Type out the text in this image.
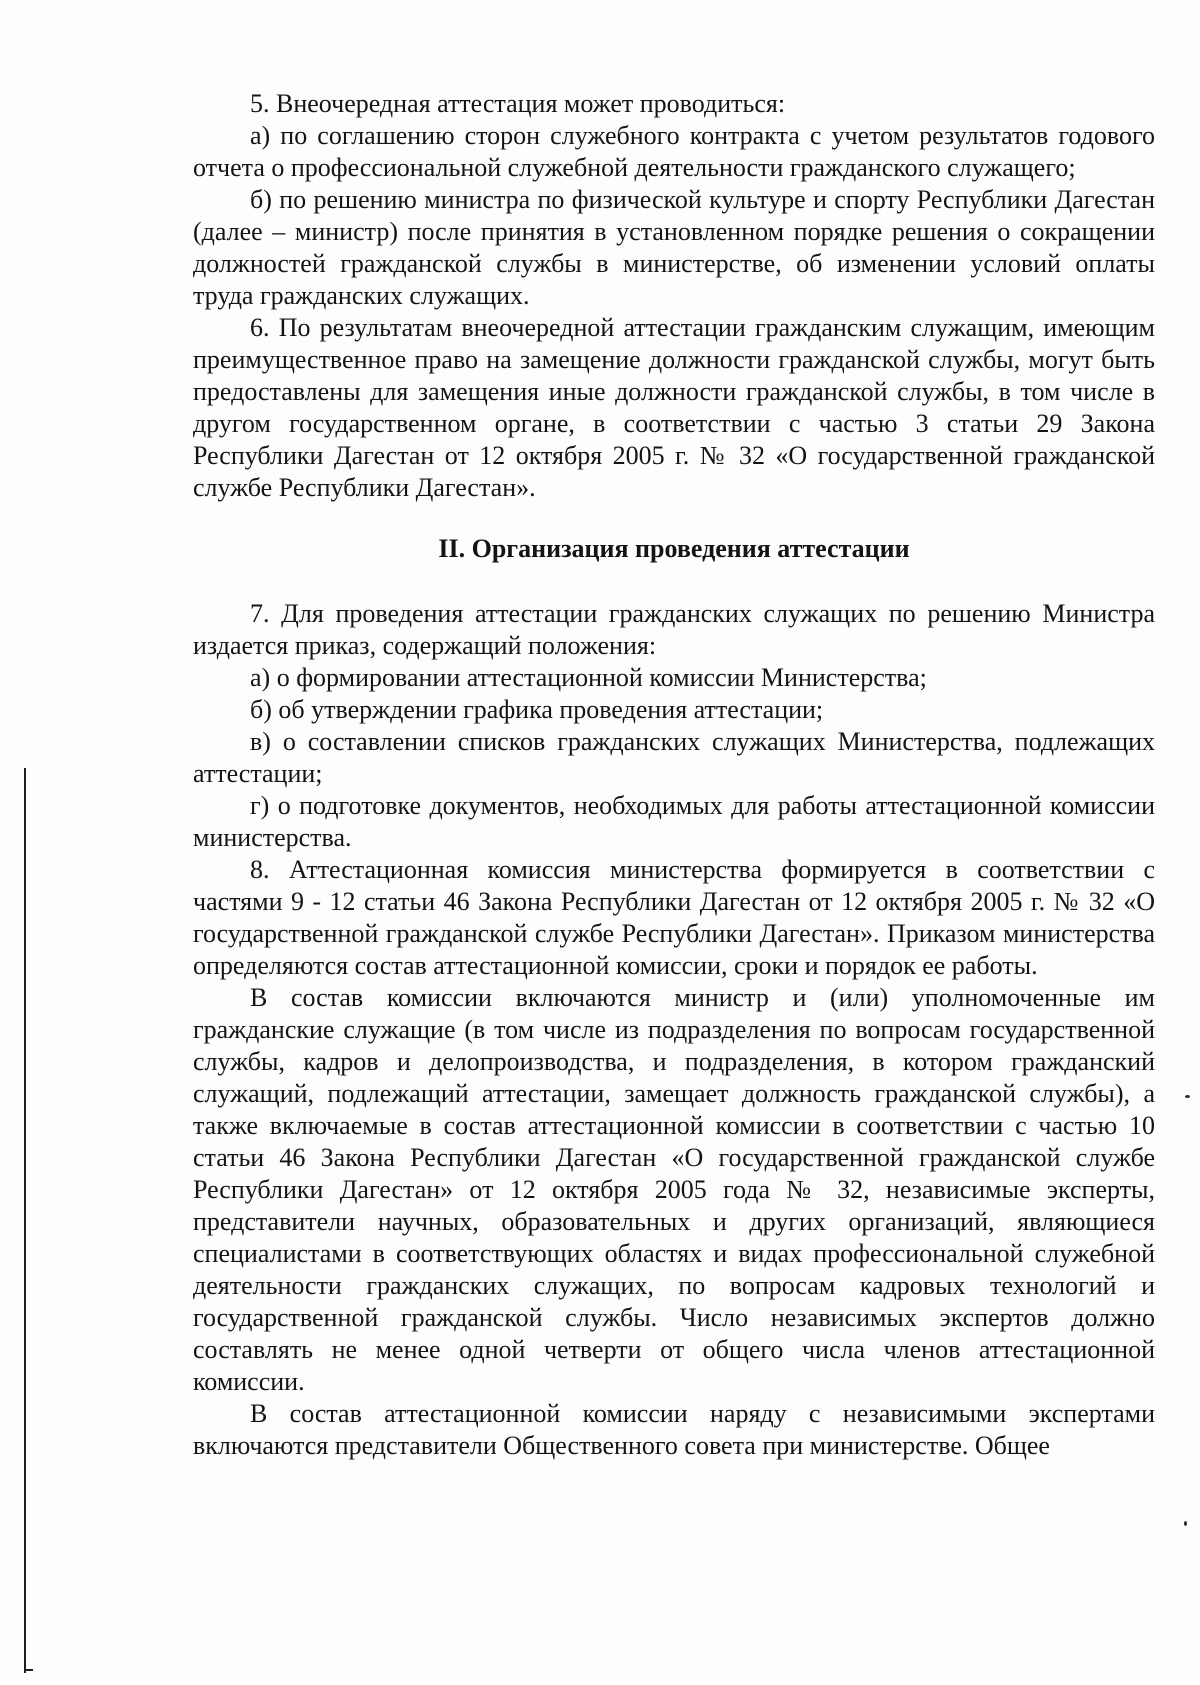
5. Внеочередная аттестация может проводиться:

а) по соглашению сторон служебного контракта с учетом результатов годового отчета о профессиональной служебной деятельности гражданского служащего;

б) по решению министра по физической культуре и спорту Республики Дагестан (далее – министр) после принятия в установленном порядке решения о сокращении должностей гражданской службы в министерстве, об изменении условий оплаты труда гражданских служащих.

6. По результатам внеочередной аттестации гражданским служащим, имеющим преимущественное право на замещение должности гражданской службы, могут быть предоставлены для замещения иные должности гражданской службы, в том числе в другом государственном органе, в соответствии с частью 3 статьи 29 Закона Республики Дагестан от 12 октября 2005 г. № 32 «О государственной гражданской службе Республики Дагестан».

II. Организация проведения аттестации

7. Для проведения аттестации гражданских служащих по решению Министра издается приказ, содержащий положения:

а) о формировании аттестационной комиссии Министерства;

б) об утверждении графика проведения аттестации;

в) о составлении списков гражданских служащих Министерства, подлежащих аттестации;

г) о подготовке документов, необходимых для работы аттестационной комиссии министерства.

8. Аттестационная комиссия министерства формируется в соответствии с частями 9 - 12 статьи 46 Закона Республики Дагестан от 12 октября 2005 г. № 32 «О государственной гражданской службе Республики Дагестан». Приказом министерства определяются состав аттестационной комиссии, сроки и порядок ее работы.

В состав комиссии включаются министр и (или) уполномоченные им гражданские служащие (в том числе из подразделения по вопросам государственной службы, кадров и делопроизводства, и подразделения, в котором гражданский служащий, подлежащий аттестации, замещает должность гражданской службы), а также включаемые в состав аттестационной комиссии в соответствии с частью 10 статьи 46 Закона Республики Дагестан «О государственной гражданской службе Республики Дагестан» от 12 октября 2005 года № 32, независимые эксперты, представители научных, образовательных и других организаций, являющиеся специалистами в соответствующих областях и видах профессиональной служебной деятельности гражданских служащих, по вопросам кадровых технологий и государственной гражданской службы. Число независимых экспертов должно составлять не менее одной четверти от общего числа членов аттестационной комиссии.

В состав аттестационной комиссии наряду с независимыми экспертами включаются представители Общественного совета при министерстве. Общее
